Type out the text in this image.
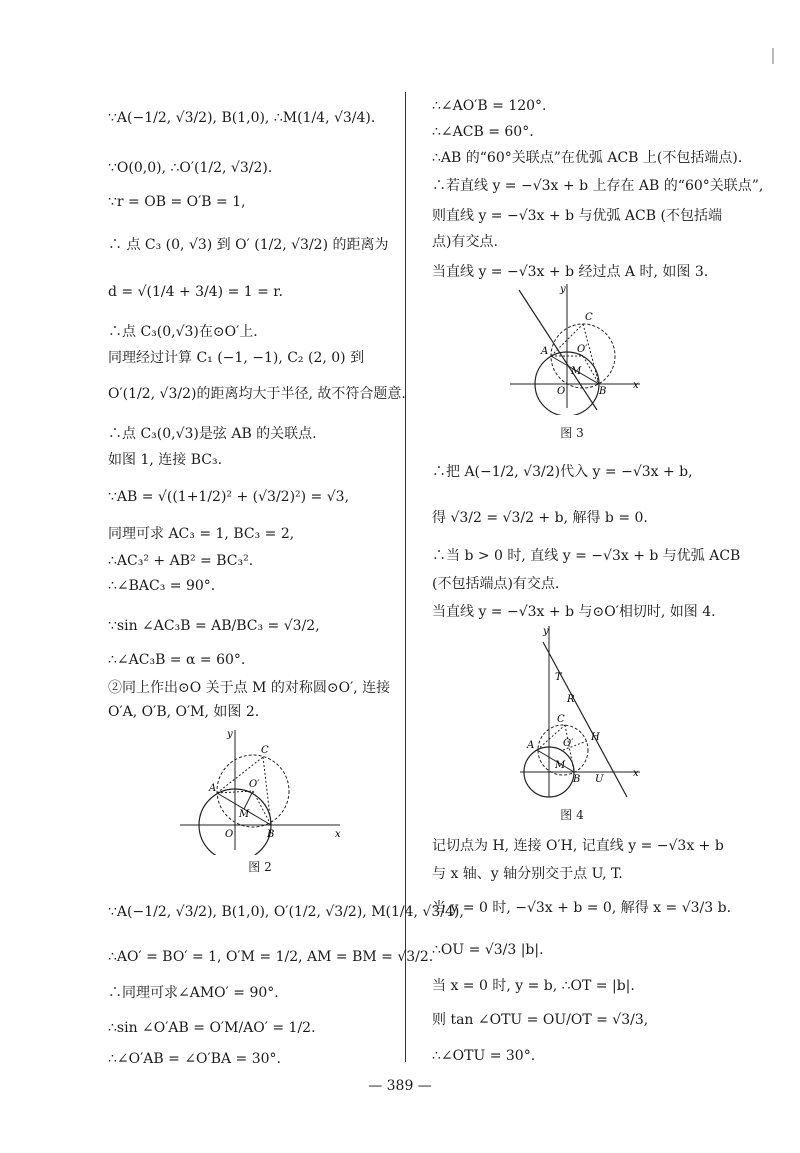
∵A(−1/2, √3/2), B(1,0), ∴M(1/4, √3/4).
∵O(0,0), ∴O′(1/2, √3/2).
∵r = OB = O′B = 1,
∴ 点 C₃ (0, √3) 到 O′ (1/2, √3/2) 的距离为
d = √(1/4 + 3/4) = 1 = r.
∴点 C₃(0,√3)在⊙O′上.
同理经过计算 C₁ (−1, −1), C₂ (2, 0) 到
O′(1/2, √3/2)的距离均大于半径, 故不符合题意.
∴点 C₃(0,√3)是弦 AB 的关联点.
如图 1, 连接 BC₃.
∵AB = √((1+1/2)² + (√3/2)²) = √3,
同理可求 AC₃ = 1, BC₃ = 2,
∴AC₃² + AB² = BC₃².
∴∠BAC₃ = 90°.
∵sin ∠AC₃B = AB/BC₃ = √3/2,
∴∠AC₃B = α = 60°.
②同上作出⊙O 关于点 M 的对称圆⊙O′, 连接
O′A, O′B, O′M, 如图 2.
y
x
C
A	O′
M
O	B
图 2
∵A(−1/2, √3/2), B(1,0), O′(1/2, √3/2), M(1/4, √3/4),
∴AO′ = BO′ = 1, O′M = 1/2, AM = BM = √3/2.
∴同理可求∠AMO′ = 90°.
∴sin ∠O′AB = O′M/AO′ = 1/2.
∴∠O′AB = ∠O′BA = 30°.
∴∠AO′B = 120°.
∴∠ACB = 60°.
∴AB 的“60°关联点”在优弧 ACB 上(不包括端点).
∴若直线 y = −√3x + b 上存在 AB 的“60°关联点”,
则直线 y = −√3x + b 与优弧 ACB (不包括端
点)有交点.
当直线 y = −√3x + b 经过点 A 时, 如图 3.
y
x
C
A	O′
M
O	B
图 3
∴把 A(−1/2, √3/2)代入 y = −√3x + b,
得 √3/2 = √3/2 + b, 解得 b = 0.
∴当 b > 0 时, 直线 y = −√3x + b 与优弧 ACB
(不包括端点)有交点.
当直线 y = −√3x + b 与⊙O′相切时, 如图 4.
y
x
T
R
C
A	O′
H
M
B U
图 4
记切点为 H, 连接 O′H, 记直线 y = −√3x + b
与 x 轴、y 轴分别交于点 U, T.
当 y = 0 时, −√3x + b = 0, 解得 x = √3/3 b.
∴OU = √3/3 |b|.
当 x = 0 时, y = b, ∴OT = |b|.
则 tan ∠OTU = OU/OT = √3/3,
∴∠OTU = 30°.
— 389 —
